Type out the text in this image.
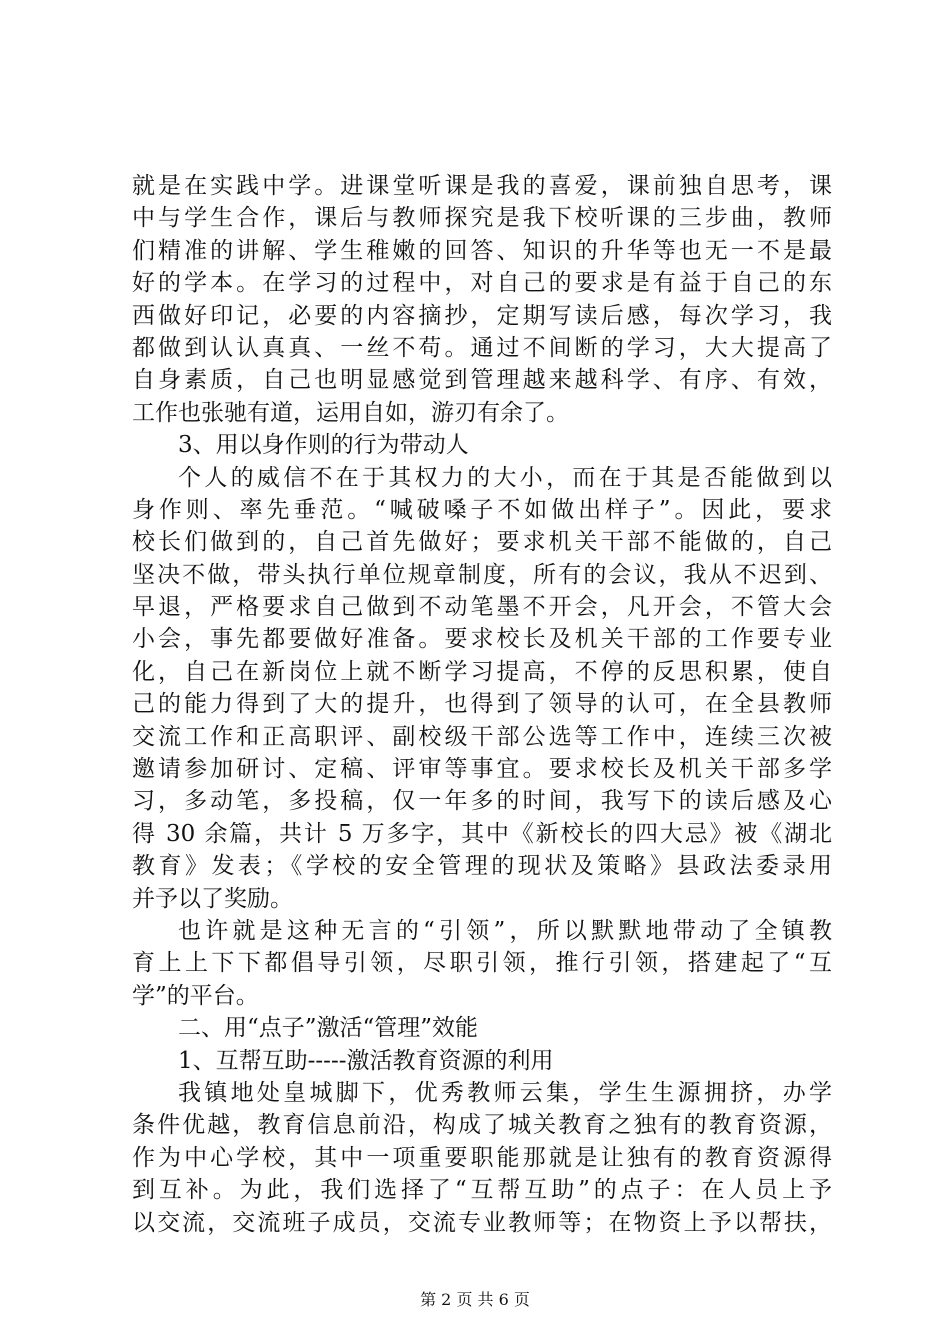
就是在实践中学。进课堂听课是我的喜爱，课前独自思考，课
中与学生合作，课后与教师探究是我下校听课的三步曲，教师
们精准的讲解、学生稚嫩的回答、知识的升华等也无一不是最
好的学本。在学习的过程中，对自己的要求是有益于自己的东
西做好印记，必要的内容摘抄，定期写读后感，每次学习，我
都做到认认真真、一丝不苟。通过不间断的学习，大大提高了
自身素质，自己也明显感觉到管理越来越科学、有序、有效，
工作也张驰有道，运用自如，游刃有余了。
3、用以身作则的行为带动人
个人的威信不在于其权力的大小，而在于其是否能做到以
身作则、率先垂范。“喊破嗓子不如做出样子”。因此，要求
校长们做到的，自己首先做好；要求机关干部不能做的，自己
坚决不做，带头执行单位规章制度，所有的会议，我从不迟到、
早退，严格要求自己做到不动笔墨不开会，凡开会，不管大会
小会，事先都要做好准备。要求校长及机关干部的工作要专业
化，自己在新岗位上就不断学习提高，不停的反思积累，使自
己的能力得到了大的提升，也得到了领导的认可，在全县教师
交流工作和正高职评、副校级干部公选等工作中，连续三次被
邀请参加研讨、定稿、评审等事宜。要求校长及机关干部多学
习，多动笔，多投稿，仅一年多的时间，我写下的读后感及心
得 30 余篇，共计 5 万多字，其中《新校长的四大忌》被《湖北
教育》发表；《学校的安全管理的现状及策略》县政法委录用
并予以了奖励。
也许就是这种无言的“引领”，所以默默地带动了全镇教
育上上下下都倡导引领，尽职引领，推行引领，搭建起了“互
学”的平台。
二、用“点子”激活“管理”效能
1、互帮互助-----激活教育资源的利用
我镇地处皇城脚下，优秀教师云集，学生生源拥挤，办学
条件优越，教育信息前沿，构成了城关教育之独有的教育资源，
作为中心学校，其中一项重要职能那就是让独有的教育资源得
到互补。为此，我们选择了“互帮互助”的点子：在人员上予
以交流，交流班子成员，交流专业教师等；在物资上予以帮扶，
第 2 页 共 6 页
